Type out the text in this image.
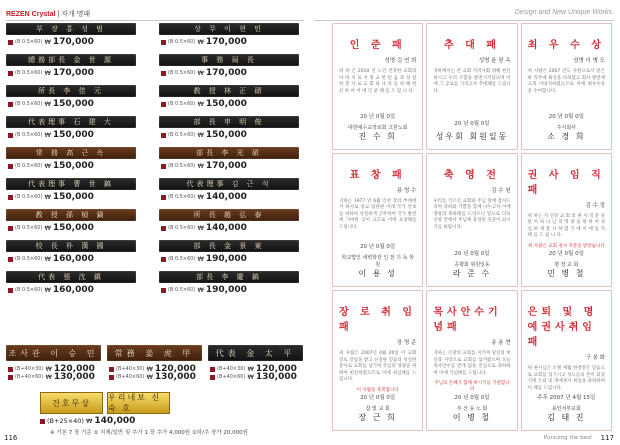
REZEN Crystal | 자개 명패
부 장 홍 성 범
(B 0.5×60) ₩ 170,000
상 무 이 현 민
(B 0.5×60) ₩ 170,000
總務部長 金 世 源
(B 0.5×60) ₩ 170,000
事 務 局 長
(B 0.5×60) ₩ 170,000
所長 李 佳 元
(B 0.5×60) ₩ 150,000
教 授 林 正 碩
(B 0.5×60) ₩ 150,000
代表理事 石 建 大
(B 0.5×60) ₩ 150,000
部 長 申 明 俊
(B 0.5×60) ₩ 150,000
常 務 高 근 옥
(B 0.5×60) ₩ 150,000
部長 李 光 碩
(B 0.5×60) ₩ 170,000
代表理事 曹 世 鎬
(B 0.5×60) ₩ 150,000
代表理事 김 근 석
(B 0.5×60) ₩ 140,000
教 授 孫 楨 鍋
(B 0.5×60) ₩ 150,000
所 長 趙 弘 泰
(B 0.5×60) ₩ 140,000
校 長 朴 漢 國
(B 0.5×60) ₩ 160,000
部 長 金 景 東
(B 0.5×60) ₩ 190,000
代表 張 沈 鎮
(B 0.5×60) ₩ 160,000
部長 李 慶 鎬
(B 0.5×60) ₩ 190,000
조사관 이 승 민
(B+40×30) ₩ 120,000
(B+40×60) ₩ 130,000
常務 姜 虎 甲
(B+40×30) ₩ 120,000
(B+40×60) ₩ 130,000
代表 金 太 平
(B+40×30) ₩ 120,000
(B+40×60) ₩ 130,000
건호무상
우리네보 신 숙 호
(B+25×40) ₩ 140,000
※ 기본 7 장 기준 ① 지제/일반 및 추가 1 장 추가 4,000원 ②하/추 장가 20,000원
116
Design and New Unique Works
인 준 패
성명 김 연 희
위 하 은 2010 년 노인 건강한 교회의 아 바 지 로 서 정 교 한 믿 음 과 성 실 한 봉 사 로 교 회 와 나 라 를 위 해 헌 신 하 여 이 에 인 준 패 를 드 립 니 다.
20 년 0월 0일
대한예수교장로회 고원노회
진 수 희
추 대 패
성명 윤 광 옥
귀하께서는 본 교회 지역사회 위해 헌신하시고 우리 조합을 발전시키셨으며 이에 그 공로를 기리고자 추대패를 드립니다.
20 년 0월 0일
성우회 회원일동
최 우 수 상
성명 이 병 도
위 사람은 2007 년도 사원으로서 맡은 바 직무에 최선을 다하였고 회사 발전에 크게 이바지하였으므로 이에 최우수상을 수여합니다.
20 년 0월 0일
주식회사
소 경 희
표 창 패
용 명 수
귀하는 1977 년 6월 인천 장리 부대에서 하사로 장교 임관한 이래 국가 안보를 위하여 성실하게 근무하여 국가 발전에 기여한 공이 크므로 이에 표창패를 드립니다.
20 년 0월 0일
학교법인 새벽학원 인 천 기 독 학 원
이 용 성
축 영 전
김 수 원
우리를 기르신 교회와 주님 앞에 감사드리며 축하와 기쁨을 함께 나누고자 이에 영광의 축하패를 드리오니 앞으로 더욱 신앙 안에서 주님께 충성된 일꾼이 되시기를 바랍니다.
20 년 0월 0일
공평회 위원일동
라 준 수
권 사 임 직 패
김 수 정
위 하는 지 신앙 교 회 의 권 사 직 분 을 맡 아 하 나 님 의 영 광 을 위 하 여 성 실 하 게 봉 사 하 였 기 에 이 에 임 직 패 를 드 립 니 다.
위 사람은 교회 권사 직분을 받았습니다
20 년 0월 0일
평 장 교 회
민 병 철
장 로 취 임 패
장 명 준
위 사람은 2007년 4월 20일 이 교회 장로 장립을 받고 신실한 믿음과 성실한 봉사로 교회를 섬기며 주님의 영광을 위하여 헌신하였으므로 이에 취임패를 드립니다.
이 사람을 축복합니다
20 년 0월 0일
참 빛 교 회
장 근 희
목사안수기념패
송 용 현
귀하는 소망의 교회를 지키며 당신의 헌신과 사랑으로 교회를 섬겨왔으며 오늘 목사안수를 받게 됨을 진심으로 축하하며 이에 기념패를 드립니다.
주님의 은혜가 함께 하시기를 기원합니다
20 년 0월 0일
부 산 동 노 회
이 병 철
은퇴 및 명예권사취임패
구 봉 화
위 권사님은 오랜 세월 한결같은 믿음으로 교회를 섬기시고 성도들의 본이 되셨기에 은퇴 및 명예권사 취임을 축하하며 이 패를 드립니다.
주후 2007 년 4월 15일
용인서부교회
김 태 진
Pursuing the best 117
